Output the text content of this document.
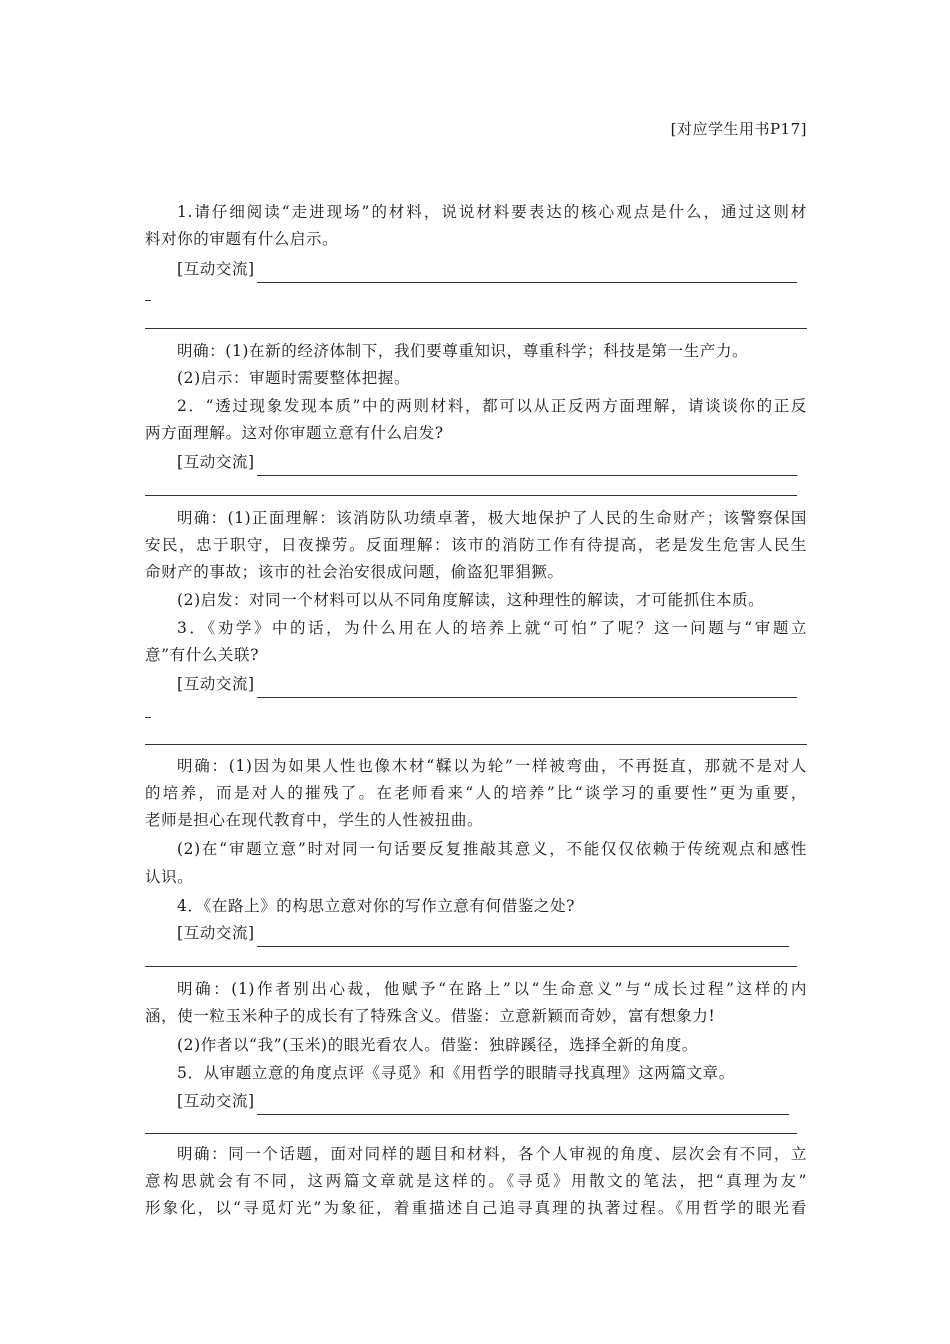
[对应学生用书P17]
1.请仔细阅读“走进现场”的材料，说说材料要表达的核心观点是什么，通过这则材
料对你的审题有什么启示。
[互动交流]
明确：(1)在新的经济体制下，我们要尊重知识，尊重科学；科技是第一生产力。
(2)启示：审题时需要整体把握。
2．“透过现象发现本质”中的两则材料，都可以从正反两方面理解，请谈谈你的正反
两方面理解。这对你审题立意有什么启发?
[互动交流]
明确：(1)正面理解：该消防队功绩卓著，极大地保护了人民的生命财产；该警察保国
安民，忠于职守，日夜操劳。反面理解：该市的消防工作有待提高，老是发生危害人民生
命财产的事故；该市的社会治安很成问题，偷盗犯罪猖獗。
(2)启发：对同一个材料可以从不同角度解读，这种理性的解读，才可能抓住本质。
3．《劝学》中的话，为什么用在人的培养上就“可怕”了呢？这一问题与“审题立
意”有什么关联?
[互动交流]
明确：(1)因为如果人性也像木材“鞣以为轮”一样被弯曲，不再挺直，那就不是对人
的培养，而是对人的摧残了。在老师看来“人的培养”比“谈学习的重要性”更为重要，
老师是担心在现代教育中，学生的人性被扭曲。
(2)在“审题立意”时对同一句话要反复推敲其意义，不能仅仅依赖于传统观点和感性
认识。
4．《在路上》的构思立意对你的写作立意有何借鉴之处?
[互动交流]
明确：(1)作者别出心裁，他赋予“在路上”以“生命意义”与“成长过程”这样的内
涵，使一粒玉米种子的成长有了特殊含义。借鉴：立意新颖而奇妙，富有想象力!
(2)作者以“我”(玉米)的眼光看农人。借鉴：独辟蹊径，选择全新的角度。
5．从审题立意的角度点评《寻觅》和《用哲学的眼睛寻找真理》这两篇文章。
[互动交流]
明确：同一个话题，面对同样的题目和材料，各个人审视的角度、层次会有不同，立
意构思就会有不同，这两篇文章就是这样的。《寻觅》用散文的笔法，把“真理为友”
形象化，以“寻觅灯光”为象征，着重描述自己追寻真理的执著过程。《用哲学的眼光看
